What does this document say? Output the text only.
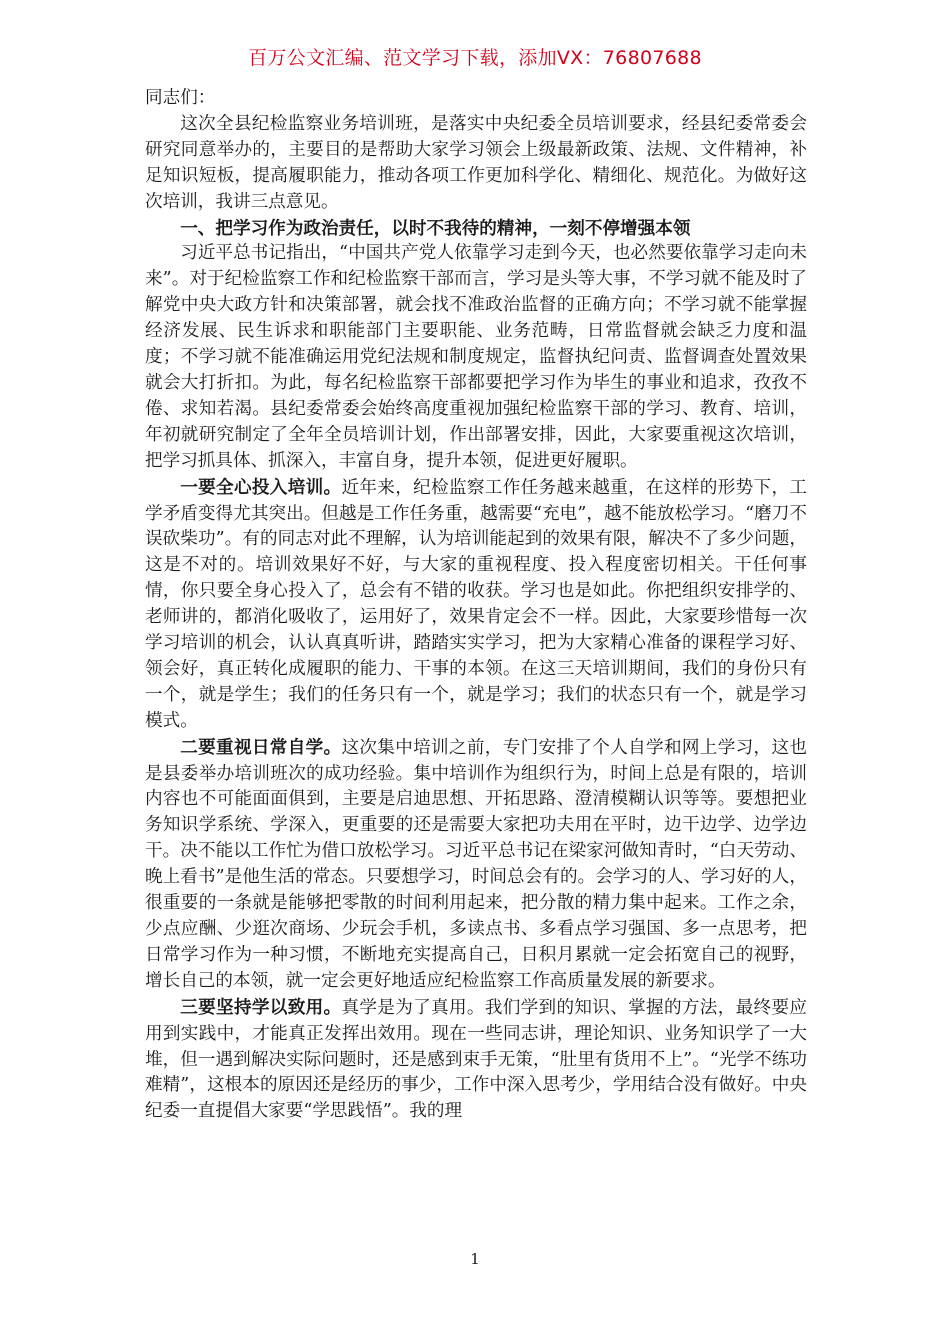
百万公文汇编、范文学习下载，添加VX：76807688

同志们：

这次全县纪检监察业务培训班，是落实中央纪委全员培训要求，经县纪委常委会研究同意举办的，主要目的是帮助大家学习领会上级最新政策、法规、文件精神，补足知识短板，提高履职能力，推动各项工作更加科学化、精细化、规范化。为做好这次培训，我讲三点意见。

一、把学习作为政治责任，以时不我待的精神，一刻不停增强本领

习近平总书记指出，“中国共产党人依靠学习走到今天，也必然要依靠学习走向未来”。对于纪检监察工作和纪检监察干部而言，学习是头等大事，不学习就不能及时了解党中央大政方针和决策部署，就会找不准政治监督的正确方向；不学习就不能掌握经济发展、民生诉求和职能部门主要职能、业务范畴，日常监督就会缺乏力度和温度；不学习就不能准确运用党纪法规和制度规定，监督执纪问责、监督调查处置效果就会大打折扣。为此，每名纪检监察干部都要把学习作为毕生的事业和追求，孜孜不倦、求知若渴。县纪委常委会始终高度重视加强纪检监察干部的学习、教育、培训，年初就研究制定了全年全员培训计划，作出部署安排，因此，大家要重视这次培训，把学习抓具体、抓深入，丰富自身，提升本领，促进更好履职。

一要全心投入培训。近年来，纪检监察工作任务越来越重，在这样的形势下，工学矛盾变得尤其突出。但越是工作任务重，越需要“充电”，越不能放松学习。“磨刀不误砍柴功”。有的同志对此不理解，认为培训能起到的效果有限，解决不了多少问题，这是不对的。培训效果好不好，与大家的重视程度、投入程度密切相关。干任何事情，你只要全身心投入了，总会有不错的收获。学习也是如此。你把组织安排学的、老师讲的，都消化吸收了，运用好了，效果肯定会不一样。因此，大家要珍惜每一次学习培训的机会，认认真真听讲，踏踏实实学习，把为大家精心准备的课程学习好、领会好，真正转化成履职的能力、干事的本领。在这三天培训期间，我们的身份只有一个，就是学生；我们的任务只有一个，就是学习；我们的状态只有一个，就是学习模式。

二要重视日常自学。这次集中培训之前，专门安排了个人自学和网上学习，这也是县委举办培训班次的成功经验。集中培训作为组织行为，时间上总是有限的，培训内容也不可能面面俱到，主要是启迪思想、开拓思路、澄清模糊认识等等。要想把业务知识学系统、学深入，更重要的还是需要大家把功夫用在平时，边干边学、边学边干。决不能以工作忙为借口放松学习。习近平总书记在梁家河做知青时，“白天劳动、晚上看书”是他生活的常态。只要想学习，时间总会有的。会学习的人、学习好的人，很重要的一条就是能够把零散的时间利用起来，把分散的精力集中起来。工作之余，少点应酬、少逛次商场、少玩会手机，多读点书、多看点学习强国、多一点思考，把日常学习作为一种习惯，不断地充实提高自己，日积月累就一定会拓宽自己的视野，增长自己的本领，就一定会更好地适应纪检监察工作高质量发展的新要求。

三要坚持学以致用。真学是为了真用。我们学到的知识、掌握的方法，最终要应用到实践中，才能真正发挥出效用。现在一些同志讲，理论知识、业务知识学了一大堆，但一遇到解决实际问题时，还是感到束手无策，“肚里有货用不上”。“光学不练功难精”，这根本的原因还是经历的事少，工作中深入思考少，学用结合没有做好。中央纪委一直提倡大家要“学思践悟”。我的理

1
